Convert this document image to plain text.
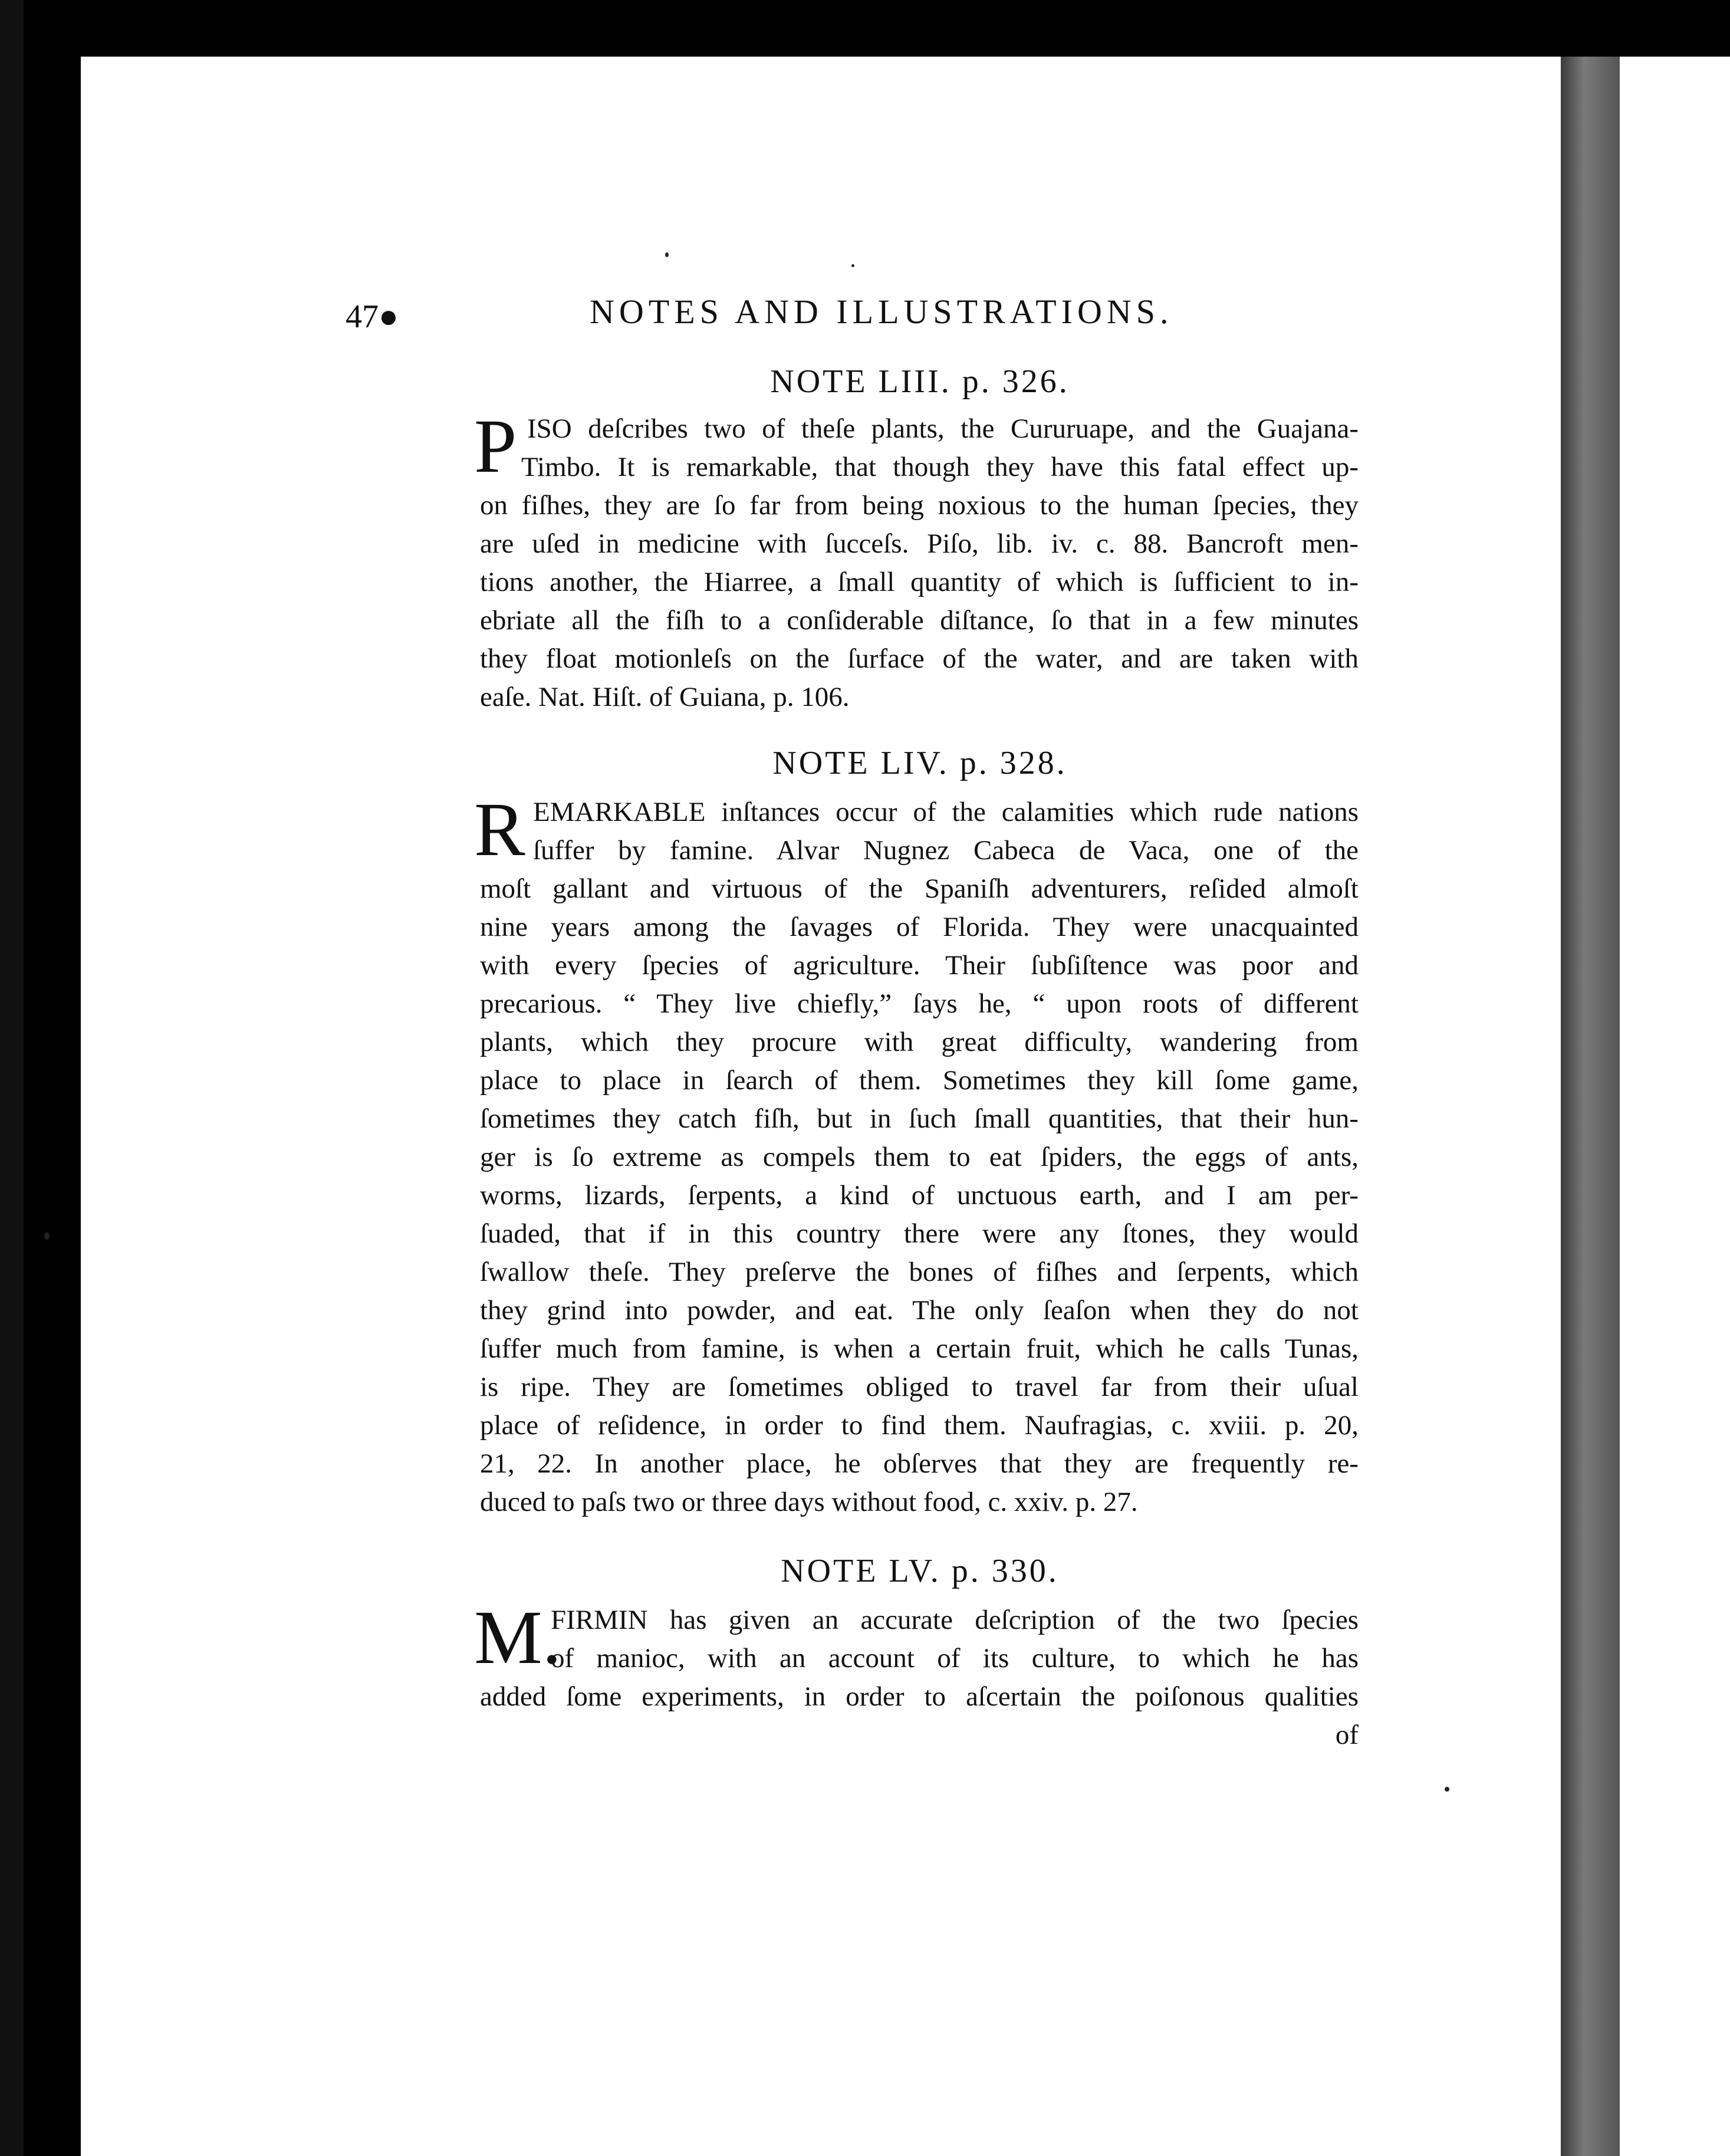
47●	NOTES AND ILLUSTRATIONS.
NOTE LIII. p. 326.
P ISO deſcribes two of theſe plants, the Cururuape, and the Guajana-
Timbo. It is remarkable, that though they have this fatal effect up-
on fiſhes, they are ſo far from being noxious to the human ſpecies, they
are uſed in medicine with ſucceſs. Piſo, lib. iv. c. 88. Bancroft men-
tions another, the Hiarree, a ſmall quantity of which is ſufficient to in-
ebriate all the fiſh to a conſiderable diſtance, ſo that in a few minutes
they float motionleſs on the ſurface of the water, and are taken with
eaſe. Nat. Hiſt. of Guiana, p. 106.
NOTE LIV. p. 328.
R EMARKABLE inſtances occur of the calamities which rude nations
ſuffer by famine. Alvar Nugnez Cabeca de Vaca, one of the
moſt gallant and virtuous of the Spaniſh adventurers, reſided almoſt
nine years among the ſavages of Florida. They were unacquainted
with every ſpecies of agriculture. Their ſubſiſtence was poor and
precarious. “ They live chiefly,” ſays he, “ upon roots of different
plants, which they procure with great difficulty, wandering from
place to place in ſearch of them. Sometimes they kill ſome game,
ſometimes they catch fiſh, but in ſuch ſmall quantities, that their hun-
ger is ſo extreme as compels them to eat ſpiders, the eggs of ants,
worms, lizards, ſerpents, a kind of unctuous earth, and I am per-
ſuaded, that if in this country there were any ſtones, they would
ſwallow theſe. They preſerve the bones of fiſhes and ſerpents, which
they grind into powder, and eat. The only ſeaſon when they do not
ſuffer much from famine, is when a certain fruit, which he calls Tunas,
is ripe. They are ſometimes obliged to travel far from their uſual
place of reſidence, in order to find them. Naufragias, c. xviii. p. 20,
21, 22. In another place, he obſerves that they are frequently re-
duced to paſs two or three days without food, c. xxiv. p. 27.
NOTE LV. p. 330.
M.
FIRMIN has given an accurate deſcription of the two ſpecies
of manioc, with an account of its culture, to which he has
added ſome experiments, in order to aſcertain the poiſonous qualities
of
